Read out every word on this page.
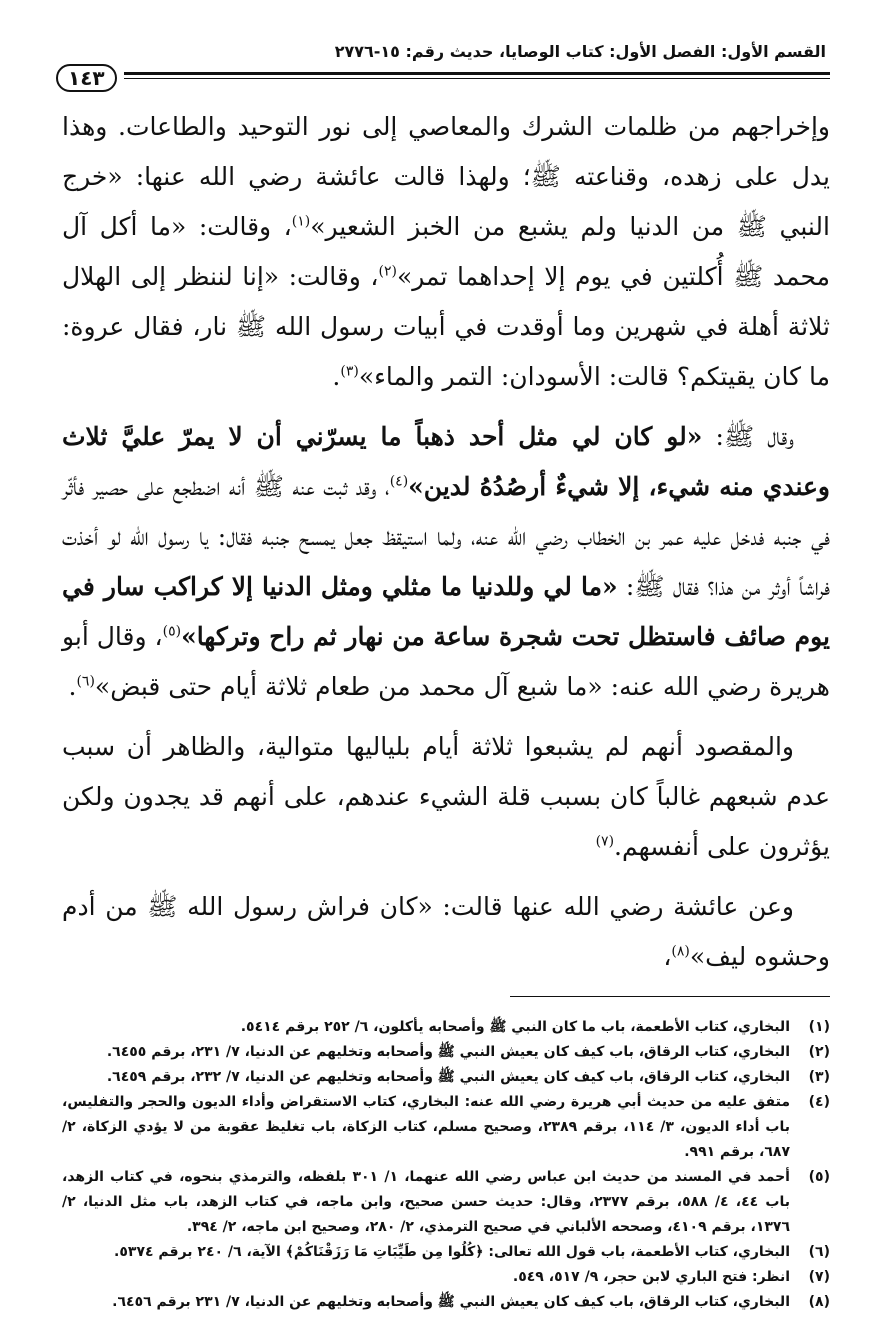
القسم الأول: الفصل الأول: كتاب الوصايا، حديث رقم: ١٥-٢٧٧٦
١٤٣

وإخراجهم من ظلمات الشرك والمعاصي إلى نور التوحيد والطاعات. وهذا يدل على زهده، وقناعته ﷺ؛ ولهذا قالت عائشة رضي الله عنها: «خرج النبي ﷺ من الدنيا ولم يشبع من الخبز الشعير»$^{(١)}$، وقالت: «ما أكل آل محمد ﷺ أُكلتين في يوم إلا إحداهما تمر»$^{(٢)}$، وقالت: «إنا لننظر إلى الهلال ثلاثة أهلة في شهرين وما أوقدت في أبيات رسول الله ﷺ نار، فقال عروة: ما كان يقيتكم؟ قالت: الأسودان: التمر والماء»$^{(٣)}$.

وقال ﷺ: «لو كان لي مثل أحد ذهباً ما يسرّني أن لا يمرّ عليَّ ثلاث وعندي منه شيء، إلا شيءٌ أرصُدُهُ لدين»$^{(٤)}$، وقد ثبت عنه ﷺ أنه اضطجع على حصير فأثّر في جنبه فدخل عليه عمر بن الخطاب رضي الله عنه، ولما استيقظ جعل يمسح جنبه فقال: يا رسول الله لو أخذت فراشاً أوثر من هذا؟ فقال ﷺ: «ما لي وللدنيا ما مثلي ومثل الدنيا إلا كراكب سار في يوم صائف فاستظل تحت شجرة ساعة من نهار ثم راح وتركها»$^{(٥)}$، وقال أبو هريرة رضي الله عنه: «ما شبع آل محمد من طعام ثلاثة أيام حتى قبض»$^{(٦)}$.

والمقصود أنهم لم يشبعوا ثلاثة أيام بلياليها متوالية، والظاهر أن سبب عدم شبعهم غالباً كان بسبب قلة الشيء عندهم، على أنهم قد يجدون ولكن يؤثرون على أنفسهم.$^{(٧)}$

وعن عائشة رضي الله عنها قالت: «كان فراش رسول الله ﷺ من أدم وحشوه ليف»$^{(٨)}$،

(١)
البخاري، كتاب الأطعمة، باب ما كان النبي ﷺ وأصحابه يأكلون، ٦/ ٢٥٢ برقم ٥٤١٤.
(٢)
البخاري، كتاب الرقاق، باب كيف كان يعيش النبي ﷺ وأصحابه وتخليهم عن الدنيا، ٧/ ٢٣١، برقم ٦٤٥٥.
(٣)
البخاري، كتاب الرقاق، باب كيف كان يعيش النبي ﷺ وأصحابه وتخليهم عن الدنيا، ٧/ ٢٣٢، برقم ٦٤٥٩.
(٤)
متفق عليه من حديث أبي هريرة رضي الله عنه: البخاري، كتاب الاستقراض وأداء الديون والحجر والتفليس، باب أداء الديون، ٣/ ١١٤، برقم ٢٣٨٩، وصحيح مسلم، كتاب الزكاة، باب تغليظ عقوبة من لا يؤدي الزكاة، ٢/ ٦٨٧، برقم ٩٩١.
(٥)
أحمد في المسند من حديث ابن عباس رضي الله عنهما، ١/ ٣٠١ بلفظه، والترمذي بنحوه، في كتاب الزهد، باب ٤٤، ٤/ ٥٨٨، برقم ٢٣٧٧، وقال: حديث حسن صحيح، وابن ماجه، في كتاب الزهد، باب مثل الدنيا، ٢/ ١٣٧٦، برقم ٤١٠٩، وصححه الألباني في صحيح الترمذي، ٢/ ٢٨٠، وصحيح ابن ماجه، ٢/ ٣٩٤.
(٦)
البخاري، كتاب الأطعمة، باب قول الله تعالى: ﴿كُلُوا مِن طَيِّبَاتِ مَا رَزَقْنَاكُمْ﴾ الآية، ٦/ ٢٤٠ برقم ٥٣٧٤.
(٧)
انظر: فتح الباري لابن حجر، ٩/ ٥١٧، ٥٤٩.
(٨)
البخاري، كتاب الرقاق، باب كيف كان يعيش النبي ﷺ وأصحابه وتخليهم عن الدنيا، ٧/ ٢٣١ برقم ٦٤٥٦.
